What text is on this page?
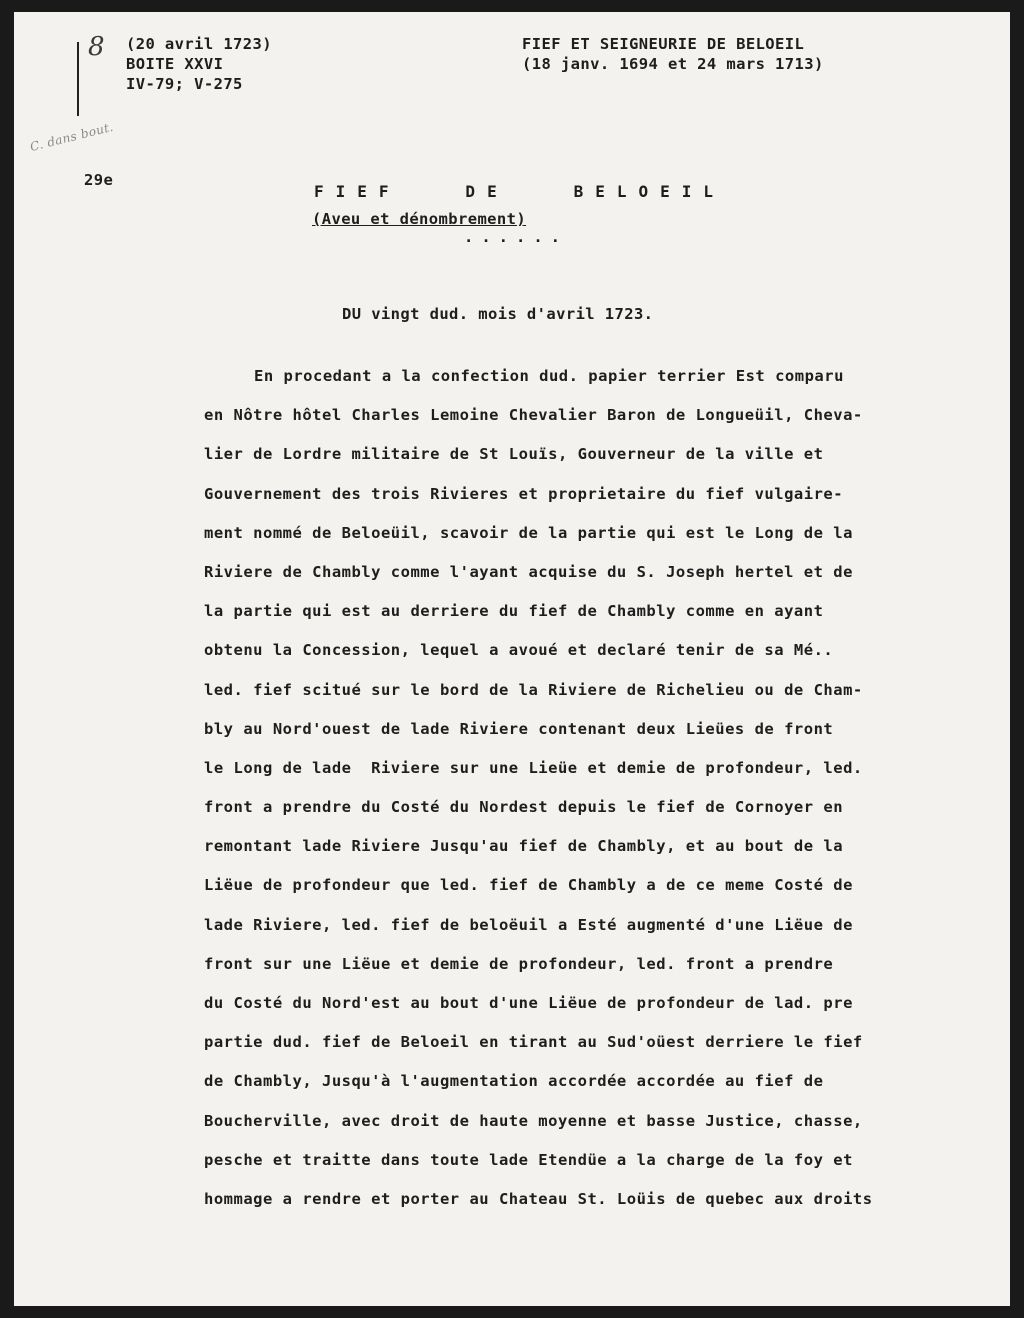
8
C. dans bout.
29e
(20 avril 1723)
BOITE XXVI
IV-79; V-275
FIEF ET SEIGNEURIE DE BELOEIL
(18 janv. 1694 et 24 mars 1713)
FIEF   DE   BELOEIL
(Aveu et dénombrement)
......
DU vingt dud. mois d'avril 1723.
En procedant a la confection dud. papier terrier Est comparu
en Nôtre hôtel Charles Lemoine Chevalier Baron de Longueüil, Cheva-
lier de Lordre militaire de St Louïs, Gouverneur de la ville et
Gouvernement des trois Rivieres et proprietaire du fief vulgaire-
ment nommé de Beloeüil, scavoir de la partie qui est le Long de la
Riviere de Chambly comme l'ayant acquise du S. Joseph hertel et de
la partie qui est au derriere du fief de Chambly comme en ayant
obtenu la Concession, lequel a avoué et declaré tenir de sa Mé..
led. fief scitué sur le bord de la Riviere de Richelieu ou de Cham-
bly au Nord'ouest de lade Riviere contenant deux Lieües de front
le Long de lade  Riviere sur une Lieüe et demie de profondeur, led.
front a prendre du Costé du Nordest depuis le fief de Cornoyer en
remontant lade Riviere Jusqu'au fief de Chambly, et au bout de la
Liëue de profondeur que led. fief de Chambly a de ce meme Costé de
lade Riviere, led. fief de beloëuil a Esté augmenté d'une Liëue de
front sur une Liëue et demie de profondeur, led. front a prendre
du Costé du Nord'est au bout d'une Liëue de profondeur de lad. pre
partie dud. fief de Beloeil en tirant au Sud'oüest derriere le fief
de Chambly, Jusqu'à l'augmentation accordée accordée au fief de
Boucherville, avec droit de haute moyenne et basse Justice, chasse,
pesche et traitte dans toute lade Etendüe a la charge de la foy et
hommage a rendre et porter au Chateau St. Loüis de quebec aux droits
